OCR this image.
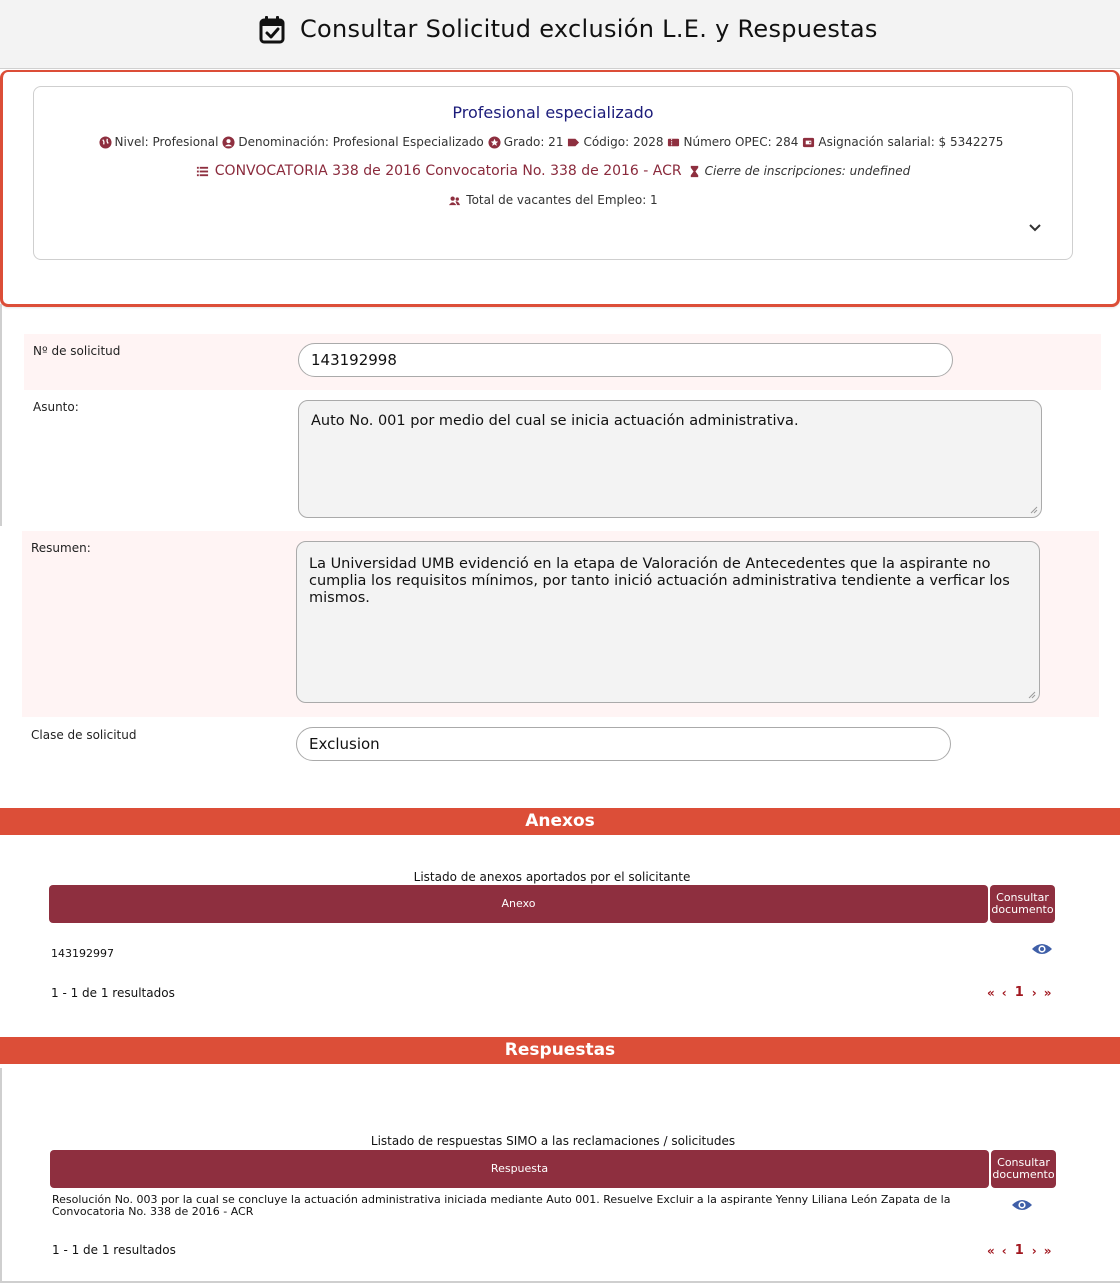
Consultar Solicitud exclusión L.E. y Respuestas
Profesional especializado
Nivel: Profesional Denominación: Profesional Especializado Grado: 21 Código: 2028 Número OPEC: 284 Asignación salarial: $ 5342275
CONVOCATORIA 338 de 2016 Convocatoria No. 338 de 2016 - ACR Cierre de inscripciones: undefined
Total de vacantes del Empleo: 1
Nº de solicitud	143192998
Asunto:
Auto No. 001 por medio del cual se inicia actuación administrativa.
Resumen:
La Universidad UMB evidenció en la etapa de Valoración de Antecedentes que la aspirante no cumplia los requisitos mínimos, por tanto inició actuación administrativa tendiente a verficar los mismos.
Clase de solicitud	Exclusion
Anexos
Listado de anexos aportados por el solicitante
Anexo	Consultar documento
143192997
1 - 1 de 1 resultados	« ‹ 1 › »
Respuestas
Listado de respuestas SIMO a las reclamaciones / solicitudes
Respuesta	Consultar documento
Resolución No. 003 por la cual se concluye la actuación administrativa iniciada mediante Auto 001. Resuelve Excluir a la aspirante Yenny Liliana León Zapata de la Convocatoria No. 338 de 2016 - ACR
1 - 1 de 1 resultados	« ‹ 1 › »
